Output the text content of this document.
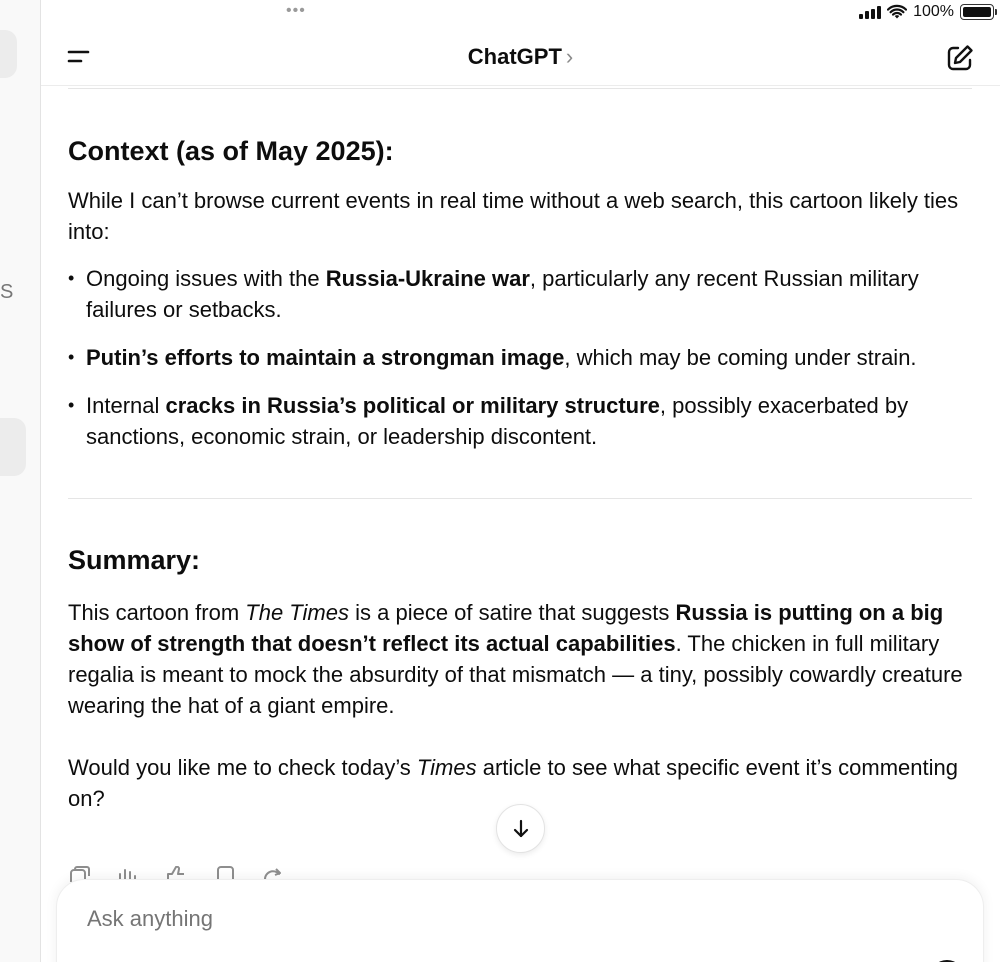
S
•••	100%
ChatGPT ›
Context (as of May 2025):

While I can’t browse current events in real time without a web search, this cartoon likely ties into:

• Ongoing issues with the Russia-Ukraine war, particularly any recent Russian military failures or setbacks.
• Putin’s efforts to maintain a strongman image, which may be coming under strain.
• Internal cracks in Russia’s political or military structure, possibly exacerbated by sanctions, economic strain, or leadership discontent.
Summary:

This cartoon from The Times is a piece of satire that suggests Russia is putting on a big show of strength that doesn’t reflect its actual capabilities. The chicken in full military regalia is meant to mock the absurdity of that mismatch — a tiny, possibly cowardly creature wearing the hat of a giant empire.

Would you like me to check today’s Times article to see what specific event it’s commenting on?

Ask anything
